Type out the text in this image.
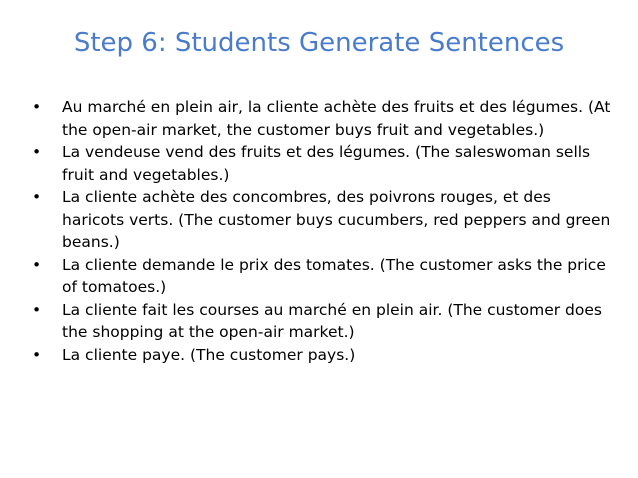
Step 6: Students Generate Sentences
• Au marché en plein air, la cliente achète des fruits et des légumes. (At the open-air market, the customer buys fruit and vegetables.)
• La vendeuse vend des fruits et des légumes. (The saleswoman sells fruit and vegetables.)
• La cliente achète des concombres, des poivrons rouges, et des haricots verts. (The customer buys cucumbers, red peppers and green beans.)
• La cliente demande le prix des tomates. (The customer asks the price of tomatoes.)
• La cliente fait les courses au marché en plein air. (The customer does the shopping at the open-air market.)
• La cliente paye. (The customer pays.)
